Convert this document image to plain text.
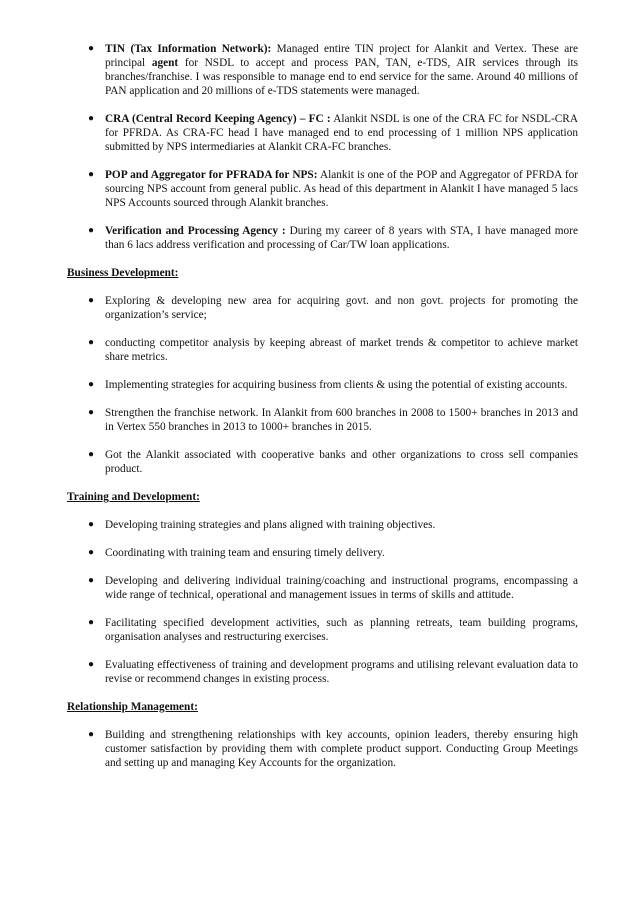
● TIN (Tax Information Network): Managed entire TIN project for Alankit and Vertex. These are principal agent for NSDL to accept and process PAN, TAN, e-TDS, AIR services through its branches/franchise. I was responsible to manage end to end service for the same. Around 40 millions of PAN application and 20 millions of e-TDS statements were managed.
● CRA (Central Record Keeping Agency) – FC : Alankit NSDL is one of the CRA FC for NSDL-CRA for PFRDA. As CRA-FC head I have managed end to end processing of 1 million NPS application submitted by NPS intermediaries at Alankit CRA-FC branches.
● POP and Aggregator for PFRADA for NPS: Alankit is one of the POP and Aggregator of PFRDA for sourcing NPS account from general public. As head of this department in Alankit I have managed 5 lacs NPS Accounts sourced through Alankit branches.
● Verification and Processing Agency : During my career of 8 years with STA, I have managed more than 6 lacs address verification and processing of Car/TW loan applications.

Business Development:

● Exploring & developing new area for acquiring govt. and non govt. projects for promoting the organization’s service;
● conducting competitor analysis by keeping abreast of market trends & competitor to achieve market share metrics.
● Implementing strategies for acquiring business from clients & using the potential of existing accounts.
● Strengthen the franchise network. In Alankit from 600 branches in 2008 to 1500+ branches in 2013 and in Vertex 550 branches in 2013 to 1000+ branches in 2015.
● Got the Alankit associated with cooperative banks and other organizations to cross sell companies product.

Training and Development:

● Developing training strategies and plans aligned with training objectives.
● Coordinating with training team and ensuring timely delivery.
● Developing and delivering individual training/coaching and instructional programs, encompassing a wide range of technical, operational and management issues in terms of skills and attitude.
● Facilitating specified development activities, such as planning retreats, team building programs, organisation analyses and restructuring exercises.
● Evaluating effectiveness of training and development programs and utilising relevant evaluation data to revise or recommend changes in existing process.

Relationship Management:

● Building and strengthening relationships with key accounts, opinion leaders, thereby ensuring high customer satisfaction by providing them with complete product support. Conducting Group Meetings and setting up and managing Key Accounts for the organization.
